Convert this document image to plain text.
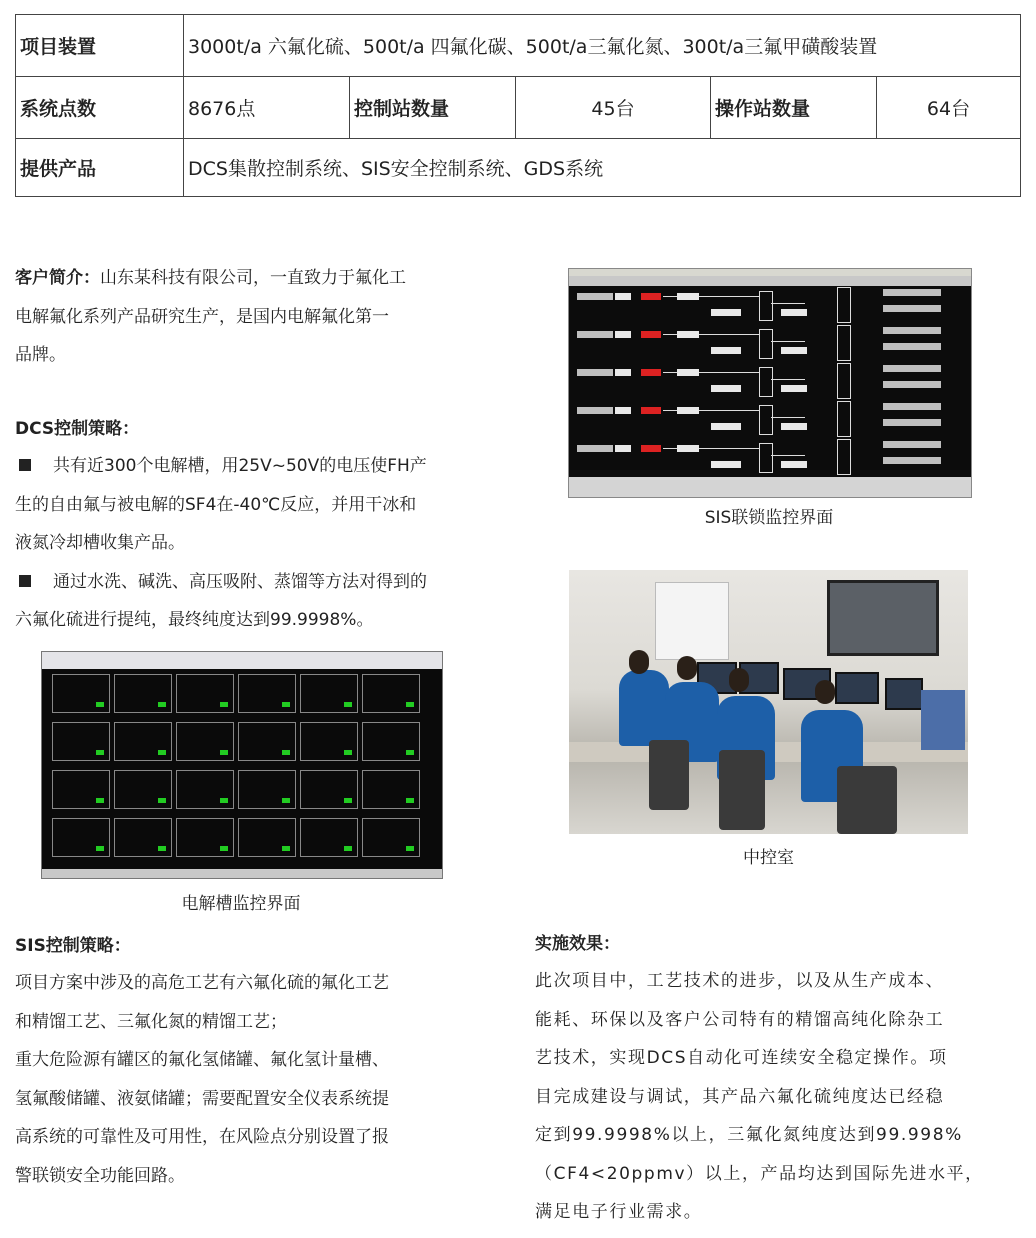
项目装置	3000t/a 六氟化硫、500t/a 四氟化碳、500t/a三氟化氮、300t/a三氟甲磺酸装置				
系统点数	8676点	控制站数量	45台	操作站数量	64台
提供产品	DCS集散控制系统、SIS安全控制系统、GDS系统				
客户简介：山东某科技有限公司，一直致力于氟化工
电解氟化系列产品研究生产，是国内电解氟化第一
品牌。
DCS控制策略：
共有近300个电解槽，用25V~50V的电压使FH产
生的自由氟与被电解的SF4在-40℃反应，并用干冰和
液氮冷却槽收集产品。
通过水洗、碱洗、高压吸附、蒸馏等方法对得到的
六氟化硫进行提纯，最终纯度达到99.9998%。
SIS联锁监控界面
中控室
电解槽监控界面
SIS控制策略：
项目方案中涉及的高危工艺有六氟化硫的氟化工艺
和精馏工艺、三氟化氮的精馏工艺；
重大危险源有罐区的氟化氢储罐、氟化氢计量槽、
氢氟酸储罐、液氨储罐；需要配置安全仪表系统提
高系统的可靠性及可用性，在风险点分别设置了报
警联锁安全功能回路。
实施效果：
此次项目中，工艺技术的进步，以及从生产成本、
能耗、环保以及客户公司特有的精馏高纯化除杂工
艺技术，实现DCS自动化可连续安全稳定操作。项
目完成建设与调试，其产品六氟化硫纯度达已经稳
定到99.9998%以上，三氟化氮纯度达到99.998%
（CF4<20ppmv）以上，产品均达到国际先进水平，
满足电子行业需求。
